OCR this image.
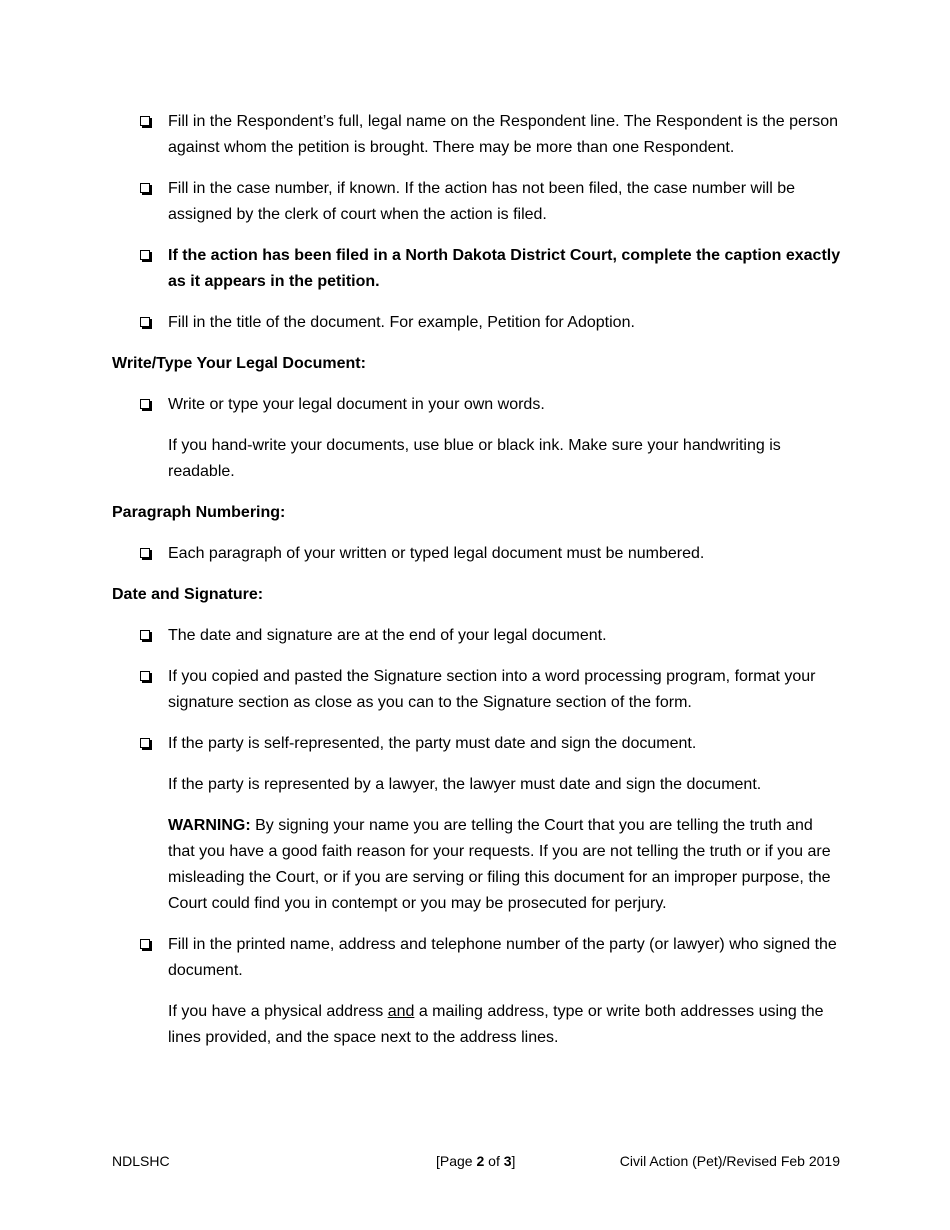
Fill in the Respondent’s full, legal name on the Respondent line. The Respondent is the person against whom the petition is brought. There may be more than one Respondent.
Fill in the case number, if known. If the action has not been filed, the case number will be assigned by the clerk of court when the action is filed.
If the action has been filed in a North Dakota District Court, complete the caption exactly as it appears in the petition.
Fill in the title of the document. For example, Petition for Adoption.
Write/Type Your Legal Document:
Write or type your legal document in your own words.
If you hand-write your documents, use blue or black ink. Make sure your handwriting is readable.
Paragraph Numbering:
Each paragraph of your written or typed legal document must be numbered.
Date and Signature:
The date and signature are at the end of your legal document.
If you copied and pasted the Signature section into a word processing program, format your signature section as close as you can to the Signature section of the form.
If the party is self-represented, the party must date and sign the document.
If the party is represented by a lawyer, the lawyer must date and sign the document.
WARNING: By signing your name you are telling the Court that you are telling the truth and that you have a good faith reason for your requests. If you are not telling the truth or if you are misleading the Court, or if you are serving or filing this document for an improper purpose, the Court could find you in contempt or you may be prosecuted for perjury.
Fill in the printed name, address and telephone number of the party (or lawyer) who signed the document.
If you have a physical address and a mailing address, type or write both addresses using the lines provided, and the space next to the address lines.
NDLSHC	[Page 2 of 3]	Civil Action (Pet)/Revised Feb 2019
